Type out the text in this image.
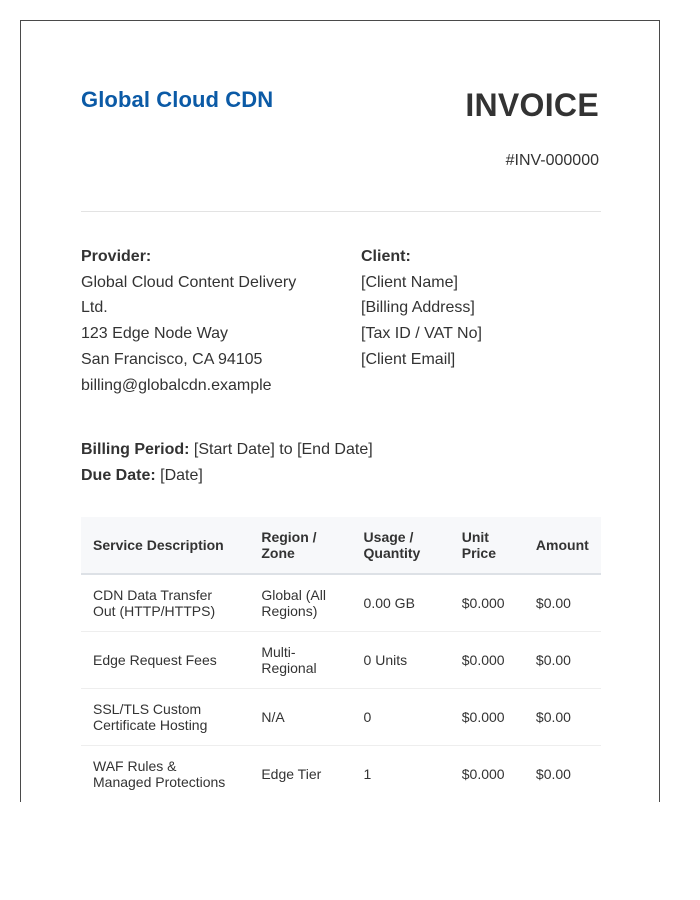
Global Cloud CDN	INVOICE
#INV-000000
Provider:
Global Cloud Content Delivery
Ltd.
123 Edge Node Way
San Francisco, CA 94105
billing@globalcdn.example
Client:
[Client Name]
[Billing Address]
[Tax ID / VAT No]
[Client Email]
Billing Period: [Start Date] to [End Date]
Due Date: [Date]
Service Description	Region / Zone	Usage / Quantity	Unit Price	Amount
CDN Data Transfer Out (HTTP/HTTPS)	Global (All Regions)	0.00 GB	$0.000	$0.00
Edge Request Fees	Multi-Regional	0 Units	$0.000	$0.00
SSL/TLS Custom Certificate Hosting	N/A	0	$0.000	$0.00
WAF Rules & Managed Protections	Edge Tier	1	$0.000	$0.00
